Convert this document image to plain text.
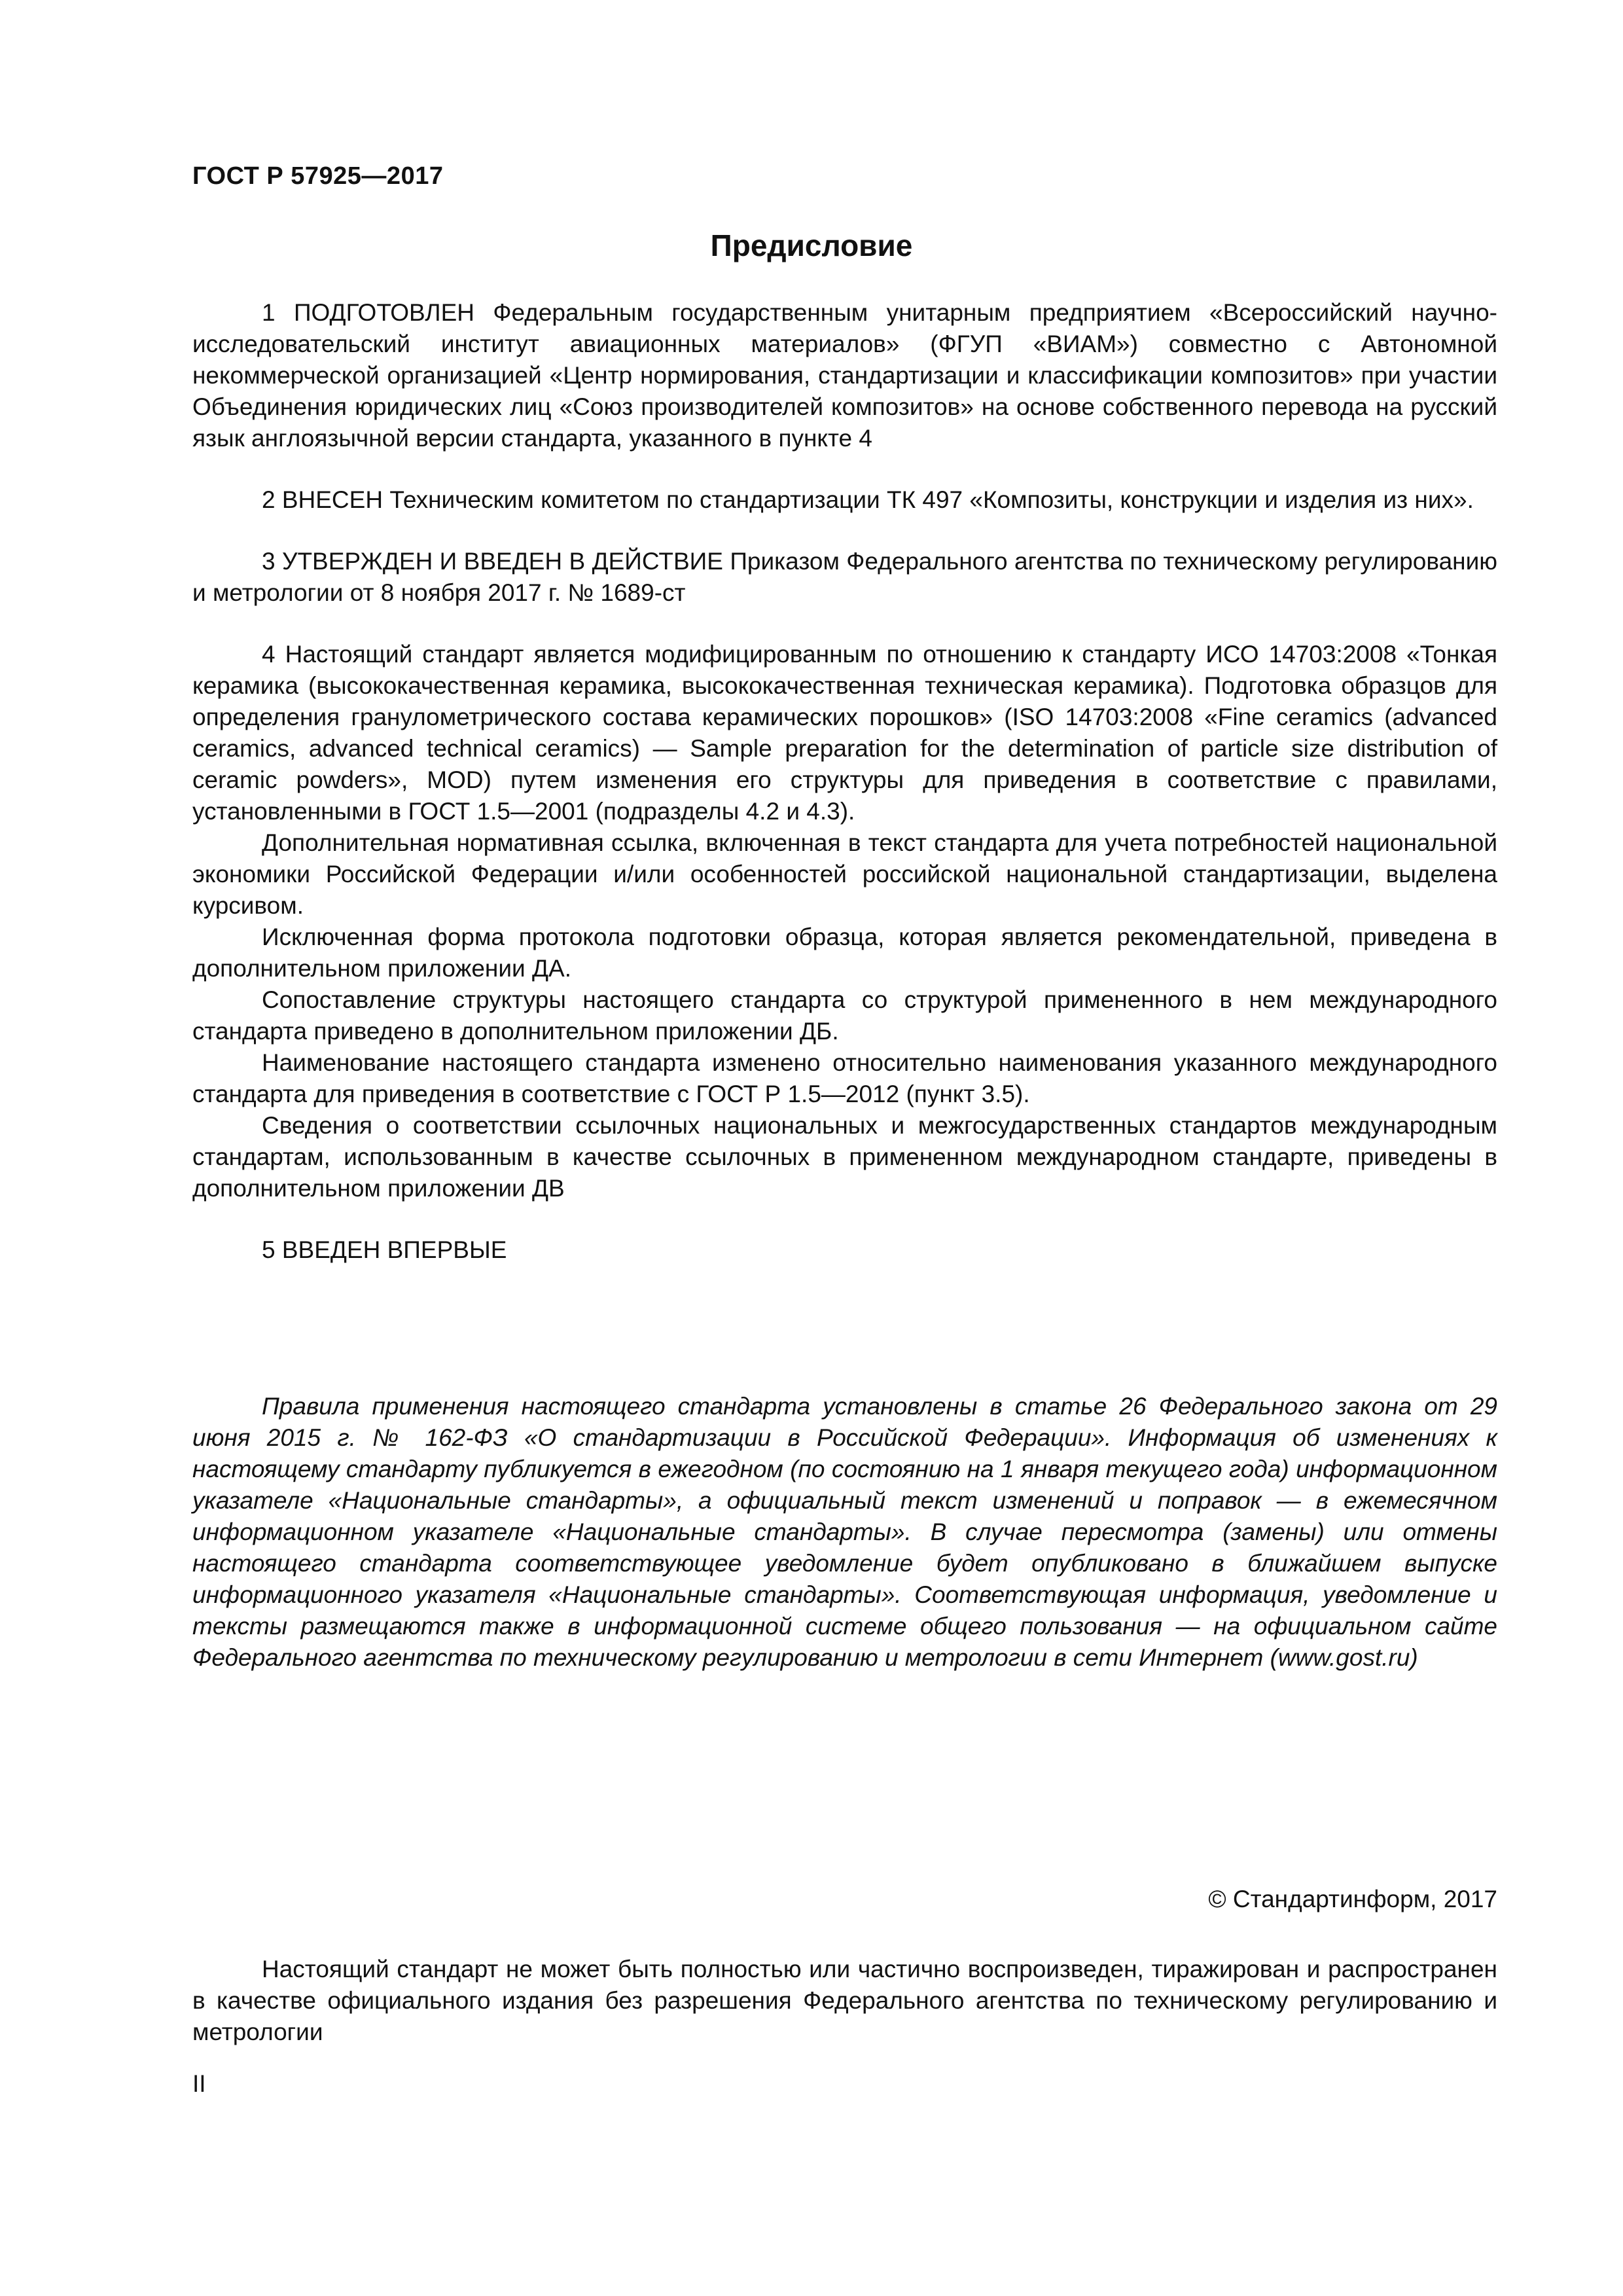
ГОСТ Р 57925—2017
Предисловие

1 ПОДГОТОВЛЕН Федеральным государственным унитарным предприятием «Всероссийский научно-исследовательский институт авиационных материалов» (ФГУП «ВИАМ») совместно с Автономной некоммерческой организацией «Центр нормирования, стандартизации и классификации композитов» при участии Объединения юридических лиц «Союз производителей композитов» на основе собственного перевода на русский язык англоязычной версии стандарта, указанного в пункте 4

2 ВНЕСЕН Техническим комитетом по стандартизации ТК 497 «Композиты, конструкции и изделия из них».

3 УТВЕРЖДЕН И ВВЕДЕН В ДЕЙСТВИЕ Приказом Федерального агентства по техническому регулированию и метрологии от 8 ноября 2017 г. № 1689-ст

4 Настоящий стандарт является модифицированным по отношению к стандарту ИСО 14703:2008 «Тонкая керамика (высококачественная керамика, высококачественная техническая керамика). Подготовка образцов для определения гранулометрического состава керамических порошков» (ISO 14703:2008 «Fine ceramics (advanced ceramics, advanced technical ceramics) — Sample preparation for the determination of particle size distribution of ceramic powders», MOD) путем изменения его структуры для приведения в соответствие с правилами, установленными в ГОСТ 1.5—2001 (подразделы 4.2 и 4.3).

Дополнительная нормативная ссылка, включенная в текст стандарта для учета потребностей национальной экономики Российской Федерации и/или особенностей российской национальной стандартизации, выделена курсивом.

Исключенная форма протокола подготовки образца, которая является рекомендательной, приведена в дополнительном приложении ДА.

Сопоставление структуры настоящего стандарта со структурой примененного в нем международного стандарта приведено в дополнительном приложении ДБ.

Наименование настоящего стандарта изменено относительно наименования указанного международного стандарта для приведения в соответствие с ГОСТ Р 1.5—2012 (пункт 3.5).

Сведения о соответствии ссылочных национальных и межгосударственных стандартов международным стандартам, использованным в качестве ссылочных в примененном международном стандарте, приведены в дополнительном приложении ДВ

5 ВВЕДЕН ВПЕРВЫЕ

Правила применения настоящего стандарта установлены в статье 26 Федерального закона от 29 июня 2015 г. № 162-ФЗ «О стандартизации в Российской Федерации». Информация об изменениях к настоящему стандарту публикуется в ежегодном (по состоянию на 1 января текущего года) информационном указателе «Национальные стандарты», а официальный текст изменений и поправок — в ежемесячном информационном указателе «Национальные стандарты». В случае пересмотра (замены) или отмены настоящего стандарта соответствующее уведомление будет опубликовано в ближайшем выпуске информационного указателя «Национальные стандарты». Соответствующая информация, уведомление и тексты размещаются также в информационной системе общего пользования — на официальном сайте Федерального агентства по техническому регулированию и метрологии в сети Интернет (www.gost.ru)

© Стандартинформ, 2017

Настоящий стандарт не может быть полностью или частично воспроизведен, тиражирован и распространен в качестве официального издания без разрешения Федерального агентства по техническому регулированию и метрологии

II
